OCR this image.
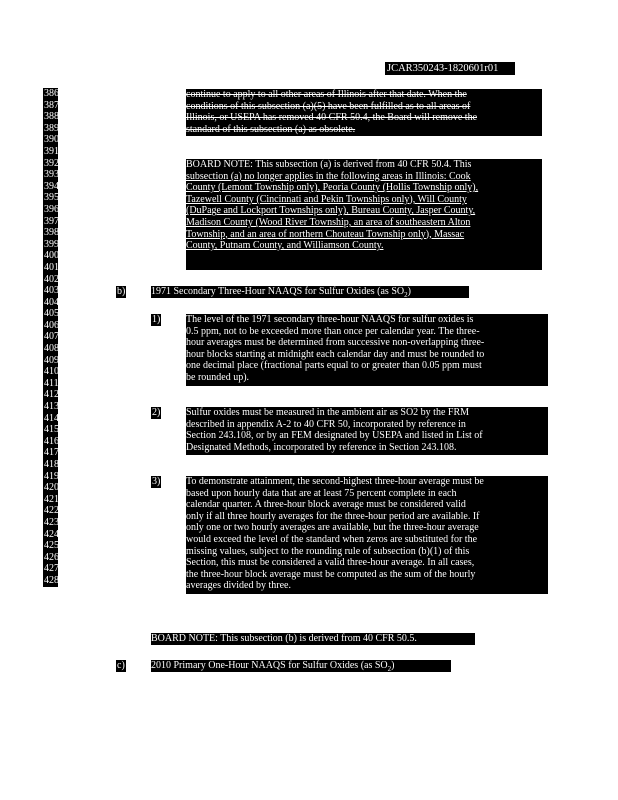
JCAR350243-1820601r01
386
387
388
389
390
391
392
393
394
395
396
397
398
399
400
401
402
403
404
405
406
407
408
409
410
411
412
413
414
415
416
417
418
419
420
421
422
423
424
425
426
427
428
continue to apply to all other areas of Illinois after that date. When the
conditions of this subsection (a)(5) have been fulfilled as to all areas of
Illinois, or USEPA has removed 40 CFR 50.4, the Board will remove the
standard of this subsection (a) as obsolete.
BOARD NOTE: This subsection (a) is derived from 40 CFR 50.4. This
subsection (a) no longer applies in the following areas in Illinois: Cook
County (Lemont Township only), Peoria County (Hollis Township only),
Tazewell County (Cincinnati and Pekin Townships only), Will County
(DuPage and Lockport Townships only), Bureau County, Jasper County,
Madison County (Wood River Township, an area of southeastern Alton
Township, and an area of northern Chouteau Township only), Massac
County, Putnam County, and Williamson County.
b)	1971 Secondary Three-Hour NAAQS for Sulfur Oxides (as $SO_2$)
1)	The level of the 1971 secondary three-hour NAAQS for sulfur oxides is
0.5 ppm, not to be exceeded more than once per calendar year. The three-
hour averages must be determined from successive non-overlapping three-
hour blocks starting at midnight each calendar day and must be rounded to
one decimal place (fractional parts equal to or greater than 0.05 ppm must
be rounded up).
2)	Sulfur oxides must be measured in the ambient air as SO2 by the FRM
described in appendix A-2 to 40 CFR 50, incorporated by reference in
Section 243.108, or by an FEM designated by USEPA and listed in List of
Designated Methods, incorporated by reference in Section 243.108.
3)	To demonstrate attainment, the second-highest three-hour average must be
based upon hourly data that are at least 75 percent complete in each
calendar quarter. A three-hour block average must be considered valid
only if all three hourly averages for the three-hour period are available. If
only one or two hourly averages are available, but the three-hour average
would exceed the level of the standard when zeros are substituted for the
missing values, subject to the rounding rule of subsection (b)(1) of this
Section, this must be considered a valid three-hour average. In all cases,
the three-hour block average must be computed as the sum of the hourly
averages divided by three.
BOARD NOTE: This subsection (b) is derived from 40 CFR 50.5.
c)	2010 Primary One-Hour NAAQS for Sulfur Oxides (as $SO_2$)
